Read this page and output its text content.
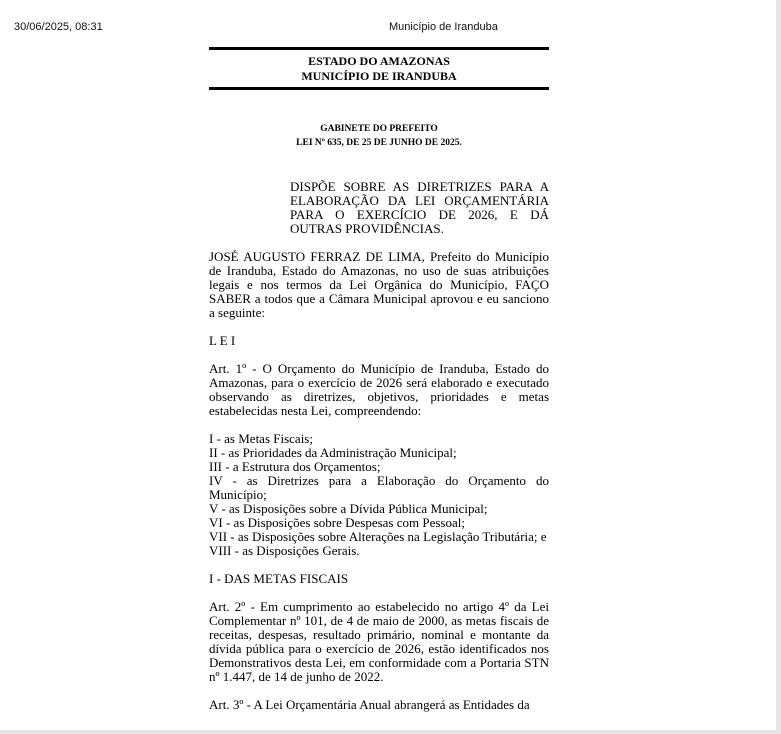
30/06/2025, 08:31	Município de Iranduba
ESTADO DO AMAZONAS
MUNICÍPIO DE IRANDUBA
GABINETE DO PREFEITO
LEI Nº 635, DE 25 DE JUNHO DE 2025.
DISPÕE SOBRE AS DIRETRIZES PARA A ELABORAÇÃO DA LEI ORÇAMENTÁRIA PARA O EXERCÍCIO DE 2026, E DÁ OUTRAS PROVIDÊNCIAS.

JOSÉ AUGUSTO FERRAZ DE LIMA, Prefeito do Município de Iranduba, Estado do Amazonas, no uso de suas atribuições legais e nos termos da Lei Orgânica do Município, FAÇO SABER a todos que a Câmara Municipal aprovou e eu sanciono a seguinte:

L E I

Art. 1º - O Orçamento do Município de Iranduba, Estado do Amazonas, para o exercício de 2026 será elaborado e executado observando as diretrizes, objetivos, prioridades e metas estabelecidas nesta Lei, compreendendo:

I - as Metas Fiscais;
II - as Prioridades da Administração Municipal;
III - a Estrutura dos Orçamentos;
IV - as Diretrizes para a Elaboração do Orçamento do Município;
V - as Disposições sobre a Dívida Pública Municipal;
VI - as Disposições sobre Despesas com Pessoal;
VII - as Disposições sobre Alterações na Legislação Tributária; e
VIII - as Disposições Gerais.

I - DAS METAS FISCAIS

Art. 2º - Em cumprimento ao estabelecido no artigo 4º da Lei Complementar nº 101, de 4 de maio de 2000, as metas fiscais de receitas, despesas, resultado primário, nominal e montante da dívida pública para o exercício de 2026, estão identificados nos Demonstrativos desta Lei, em conformidade com a Portaria STN nº 1.447, de 14 de junho de 2022.

Art. 3º - A Lei Orçamentária Anual abrangerá as Entidades da
